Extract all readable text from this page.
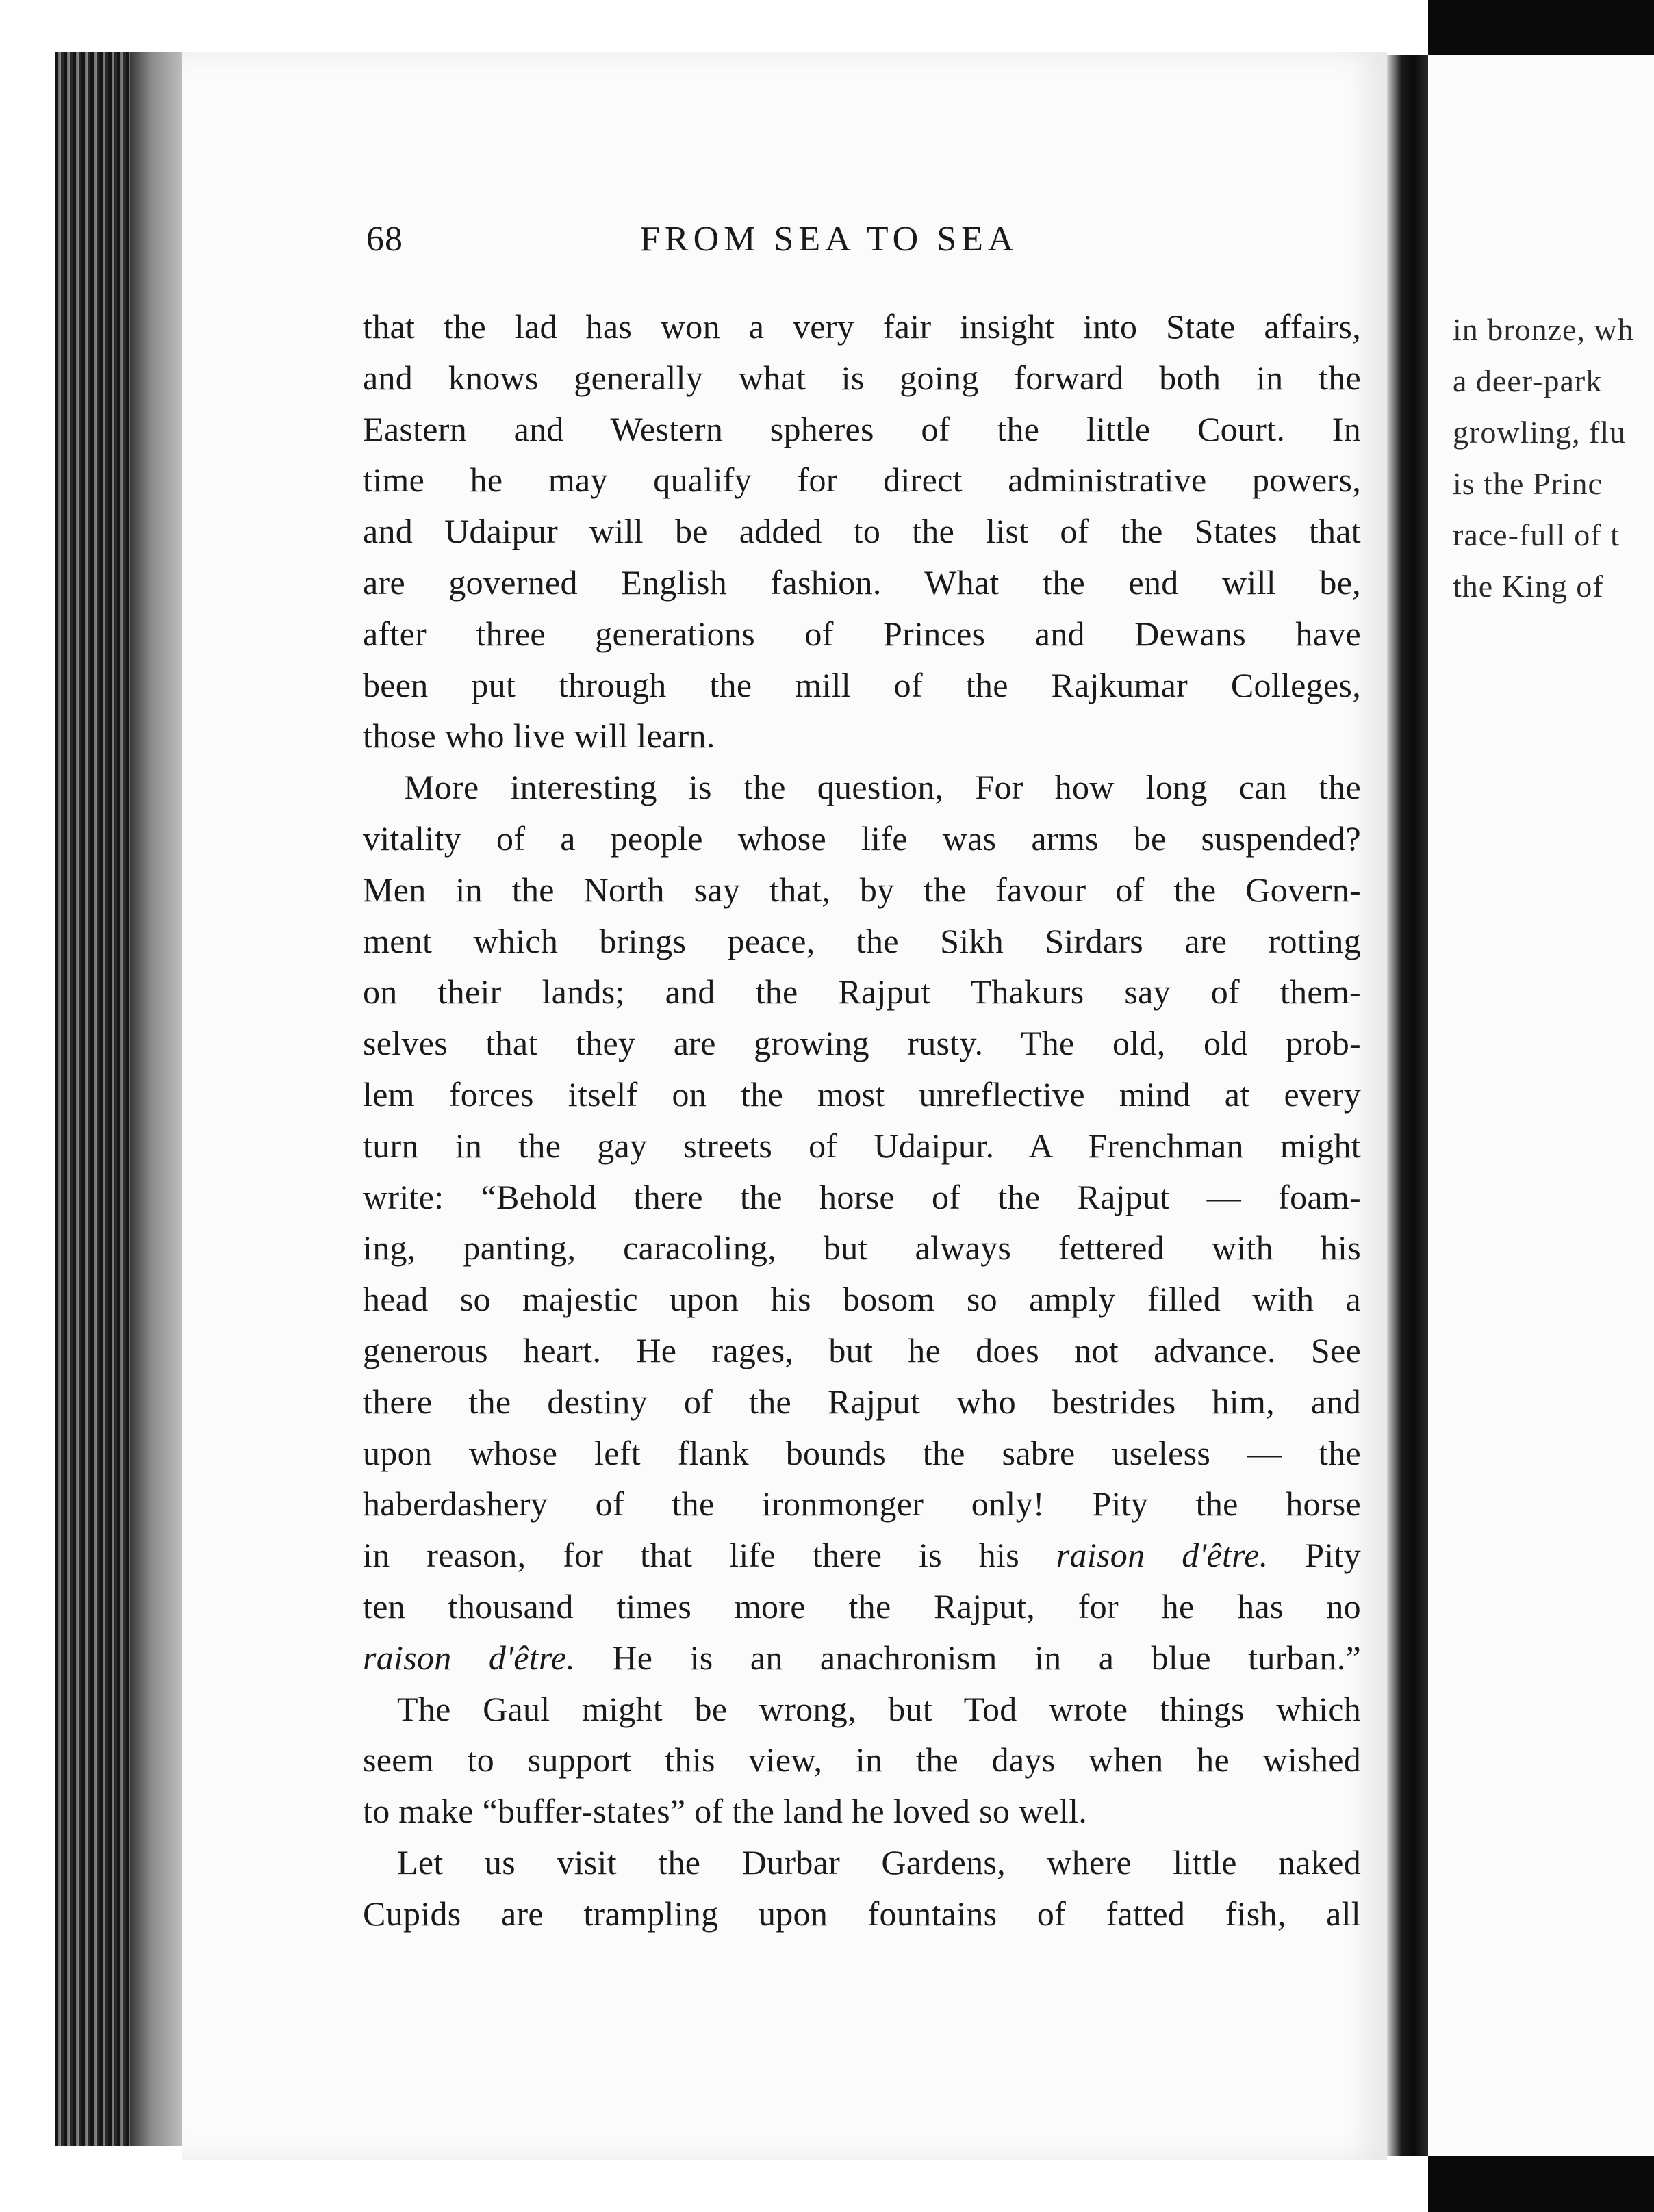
68	FROM SEA TO SEA
that the lad has won a very fair insight into State affairs,
and knows generally what is going forward both in the
Eastern and Western spheres of the little Court. In
time he may qualify for direct administrative powers,
and Udaipur will be added to the list of the States that
are governed English fashion. What the end will be,
after three generations of Princes and Dewans have
been put through the mill of the Rajkumar Colleges,
those who live will learn.
More interesting is the question, For how long can the
vitality of a people whose life was arms be suspended?
Men in the North say that, by the favour of the Govern-
ment which brings peace, the Sikh Sirdars are rotting
on their lands; and the Rajput Thakurs say of them-
selves that they are growing rusty. The old, old prob-
lem forces itself on the most unreflective mind at every
turn in the gay streets of Udaipur. A Frenchman might
write: “Behold there the horse of the Rajput — foam-
ing, panting, caracoling, but always fettered with his
head so majestic upon his bosom so amply filled with a
generous heart. He rages, but he does not advance. See
there the destiny of the Rajput who bestrides him, and
upon whose left flank bounds the sabre useless — the
haberdashery of the ironmonger only! Pity the horse
in reason, for that life there is his raison d'être. Pity
ten thousand times more the Rajput, for he has no
raison d'être. He is an anachronism in a blue turban.”
The Gaul might be wrong, but Tod wrote things which
seem to support this view, in the days when he wished
to make “buffer-states” of the land he loved so well.
Let us visit the Durbar Gardens, where little naked
Cupids are trampling upon fountains of fatted fish, all
in bronze, wh
a deer-park
growling, flu
is the Princ
race-full of t
the King of
